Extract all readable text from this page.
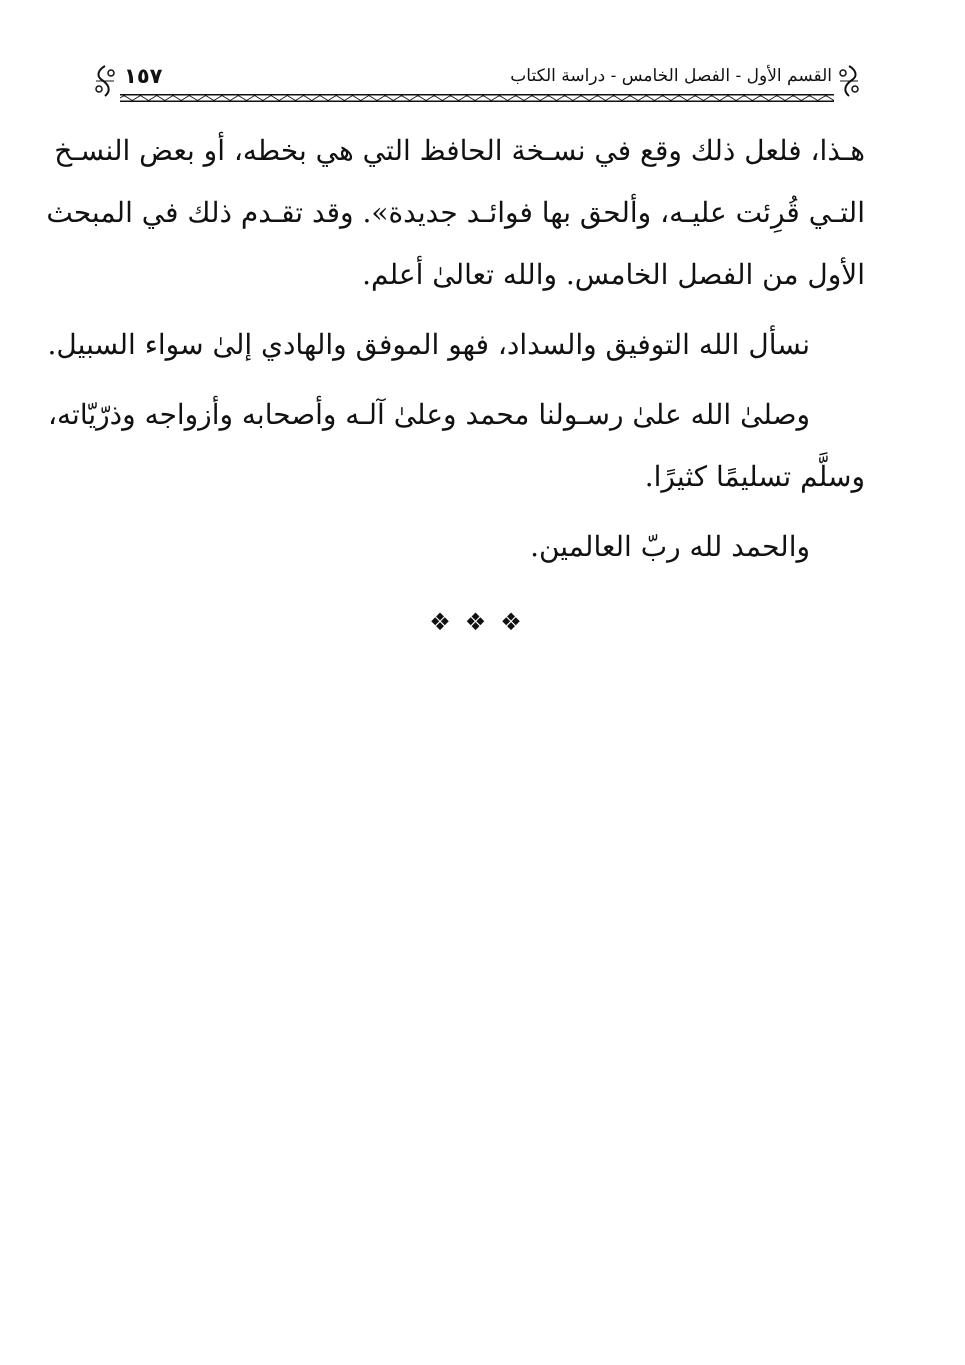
القسم الأول - الفصل الخامس - دراسة الكتاب
١٥٧
هـذا، فلعل ذلك وقع في نسـخة الحافظ التي هي بخطه، أو بعض النسـخ
التـي قُرِئت عليـه، وألحق بها فوائـد جديدة». وقد تقـدم ذلك في المبحث
الأول من الفصل الخامس. والله تعالىٰ أعلم.
نسأل الله التوفيق والسداد، فهو الموفق والهادي إلىٰ سواء السبيل.
وصلىٰ الله علىٰ رسـولنا محمد وعلىٰ آلـه وأصحابه وأزواجه وذرّيّاته،
وسلَّم تسليمًا كثيرًا.
والحمد لله ربّ العالمين.
❖❖❖
